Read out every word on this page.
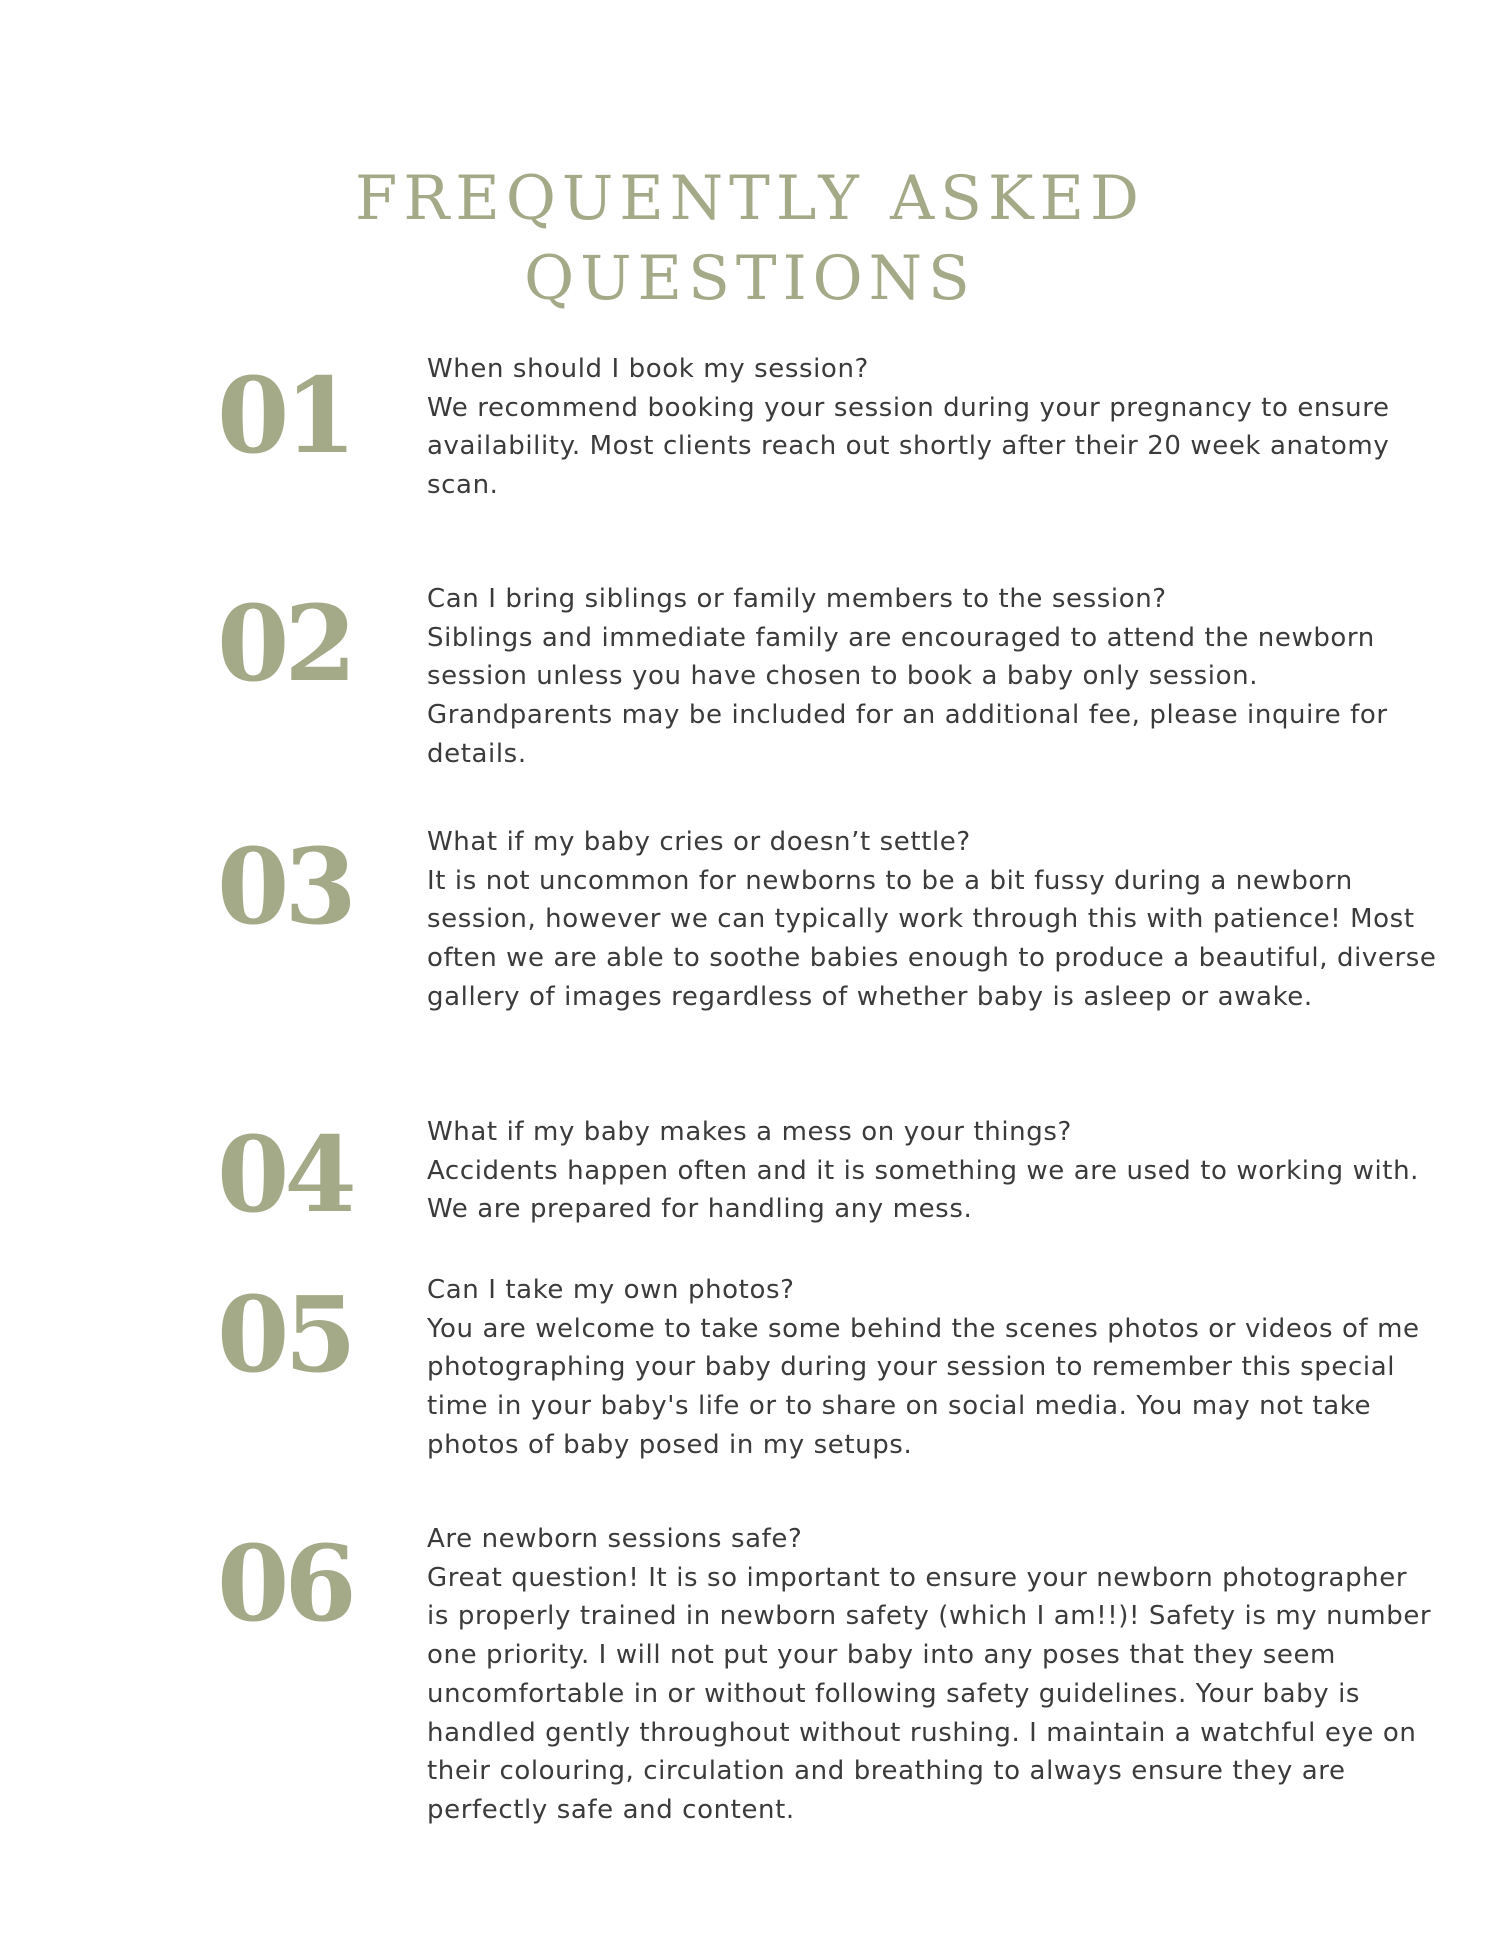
FREQUENTLY ASKED
QUESTIONS
01	When should I book my session?

We recommend booking your session during your pregnancy to ensure availability. Most clients reach out shortly after their 20 week anatomy scan.

02	Can I bring siblings or family members to the session?

Siblings and immediate family are encouraged to attend the newborn session unless you have chosen to book a baby only session. Grandparents may be included for an additional fee, please inquire for details.

03	What if my baby cries or doesn’t settle?

It is not uncommon for newborns to be a bit fussy during a newborn session, however we can typically work through this with patience! Most often we are able to soothe babies enough to produce a beautiful, diverse gallery of images regardless of whether baby is asleep or awake.

04	What if my baby makes a mess on your things?

Accidents happen often and it is something we are used to working with. We are prepared for handling any mess.

05	Can I take my own photos?

You are welcome to take some behind the scenes photos or videos of me photographing your baby during your session to remember this special time in your baby's life or to share on social media. You may not take photos of baby posed in my setups.

06	Are newborn sessions safe?

Great question! It is so important to ensure your newborn photographer is properly trained in newborn safety (which I am!!)! Safety is my number one priority. I will not put your baby into any poses that they seem uncomfortable in or without following safety guidelines. Your baby is handled gently throughout without rushing. I maintain a watchful eye on their colouring, circulation and breathing to always ensure they are perfectly safe and content.
